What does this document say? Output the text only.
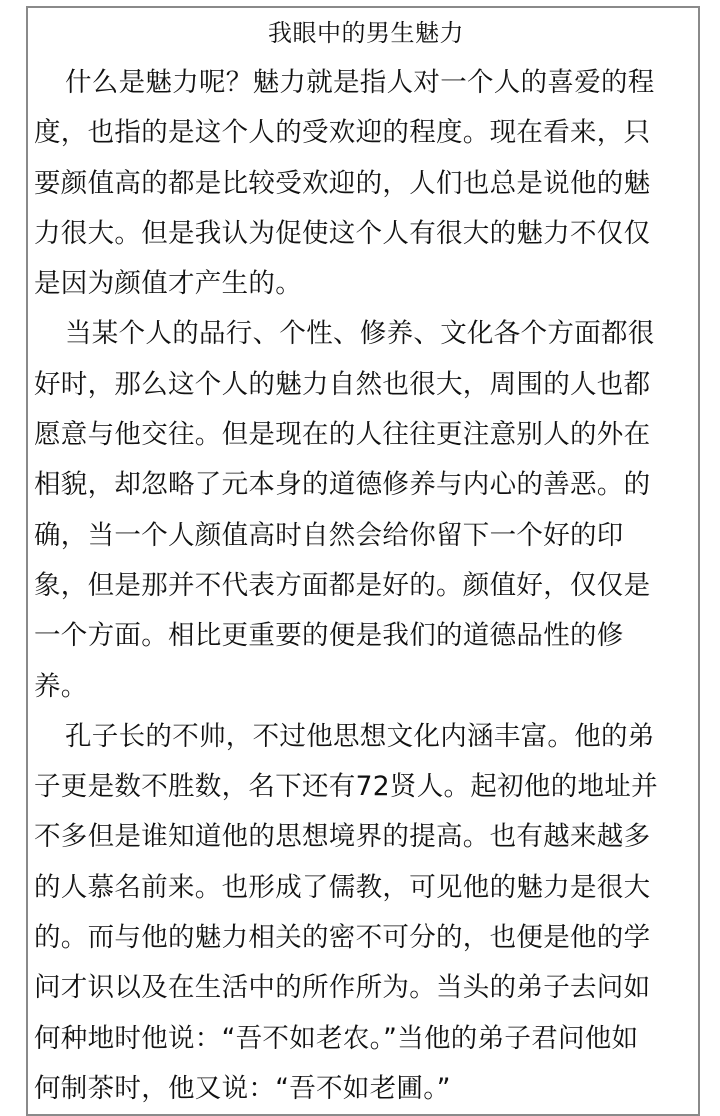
我眼中的男生魅力
什么是魅力呢？魅力就是指人对一个人的喜爱的程
度，也指的是这个人的受欢迎的程度。现在看来，只
要颜值高的都是比较受欢迎的，人们也总是说他的魅
力很大。但是我认为促使这个人有很大的魅力不仅仅
是因为颜值才产生的。
当某个人的品行、个性、修养、文化各个方面都很
好时，那么这个人的魅力自然也很大，周围的人也都
愿意与他交往。但是现在的人往往更注意别人的外在
相貌，却忽略了元本身的道德修养与内心的善恶。的
确，当一个人颜值高时自然会给你留下一个好的印
象，但是那并不代表方面都是好的。颜值好，仅仅是
一个方面。相比更重要的便是我们的道德品性的修
养。
孔子长的不帅，不过他思想文化内涵丰富。他的弟
子更是数不胜数，名下还有72贤人。起初他的地址并
不多但是谁知道他的思想境界的提高。也有越来越多
的人慕名前来。也形成了儒教，可见他的魅力是很大
的。而与他的魅力相关的密不可分的，也便是他的学
问才识以及在生活中的所作所为。当头的弟子去问如
何种地时他说：“吾不如老农。”当他的弟子君问他如
何制茶时，他又说：“吾不如老圃。”
